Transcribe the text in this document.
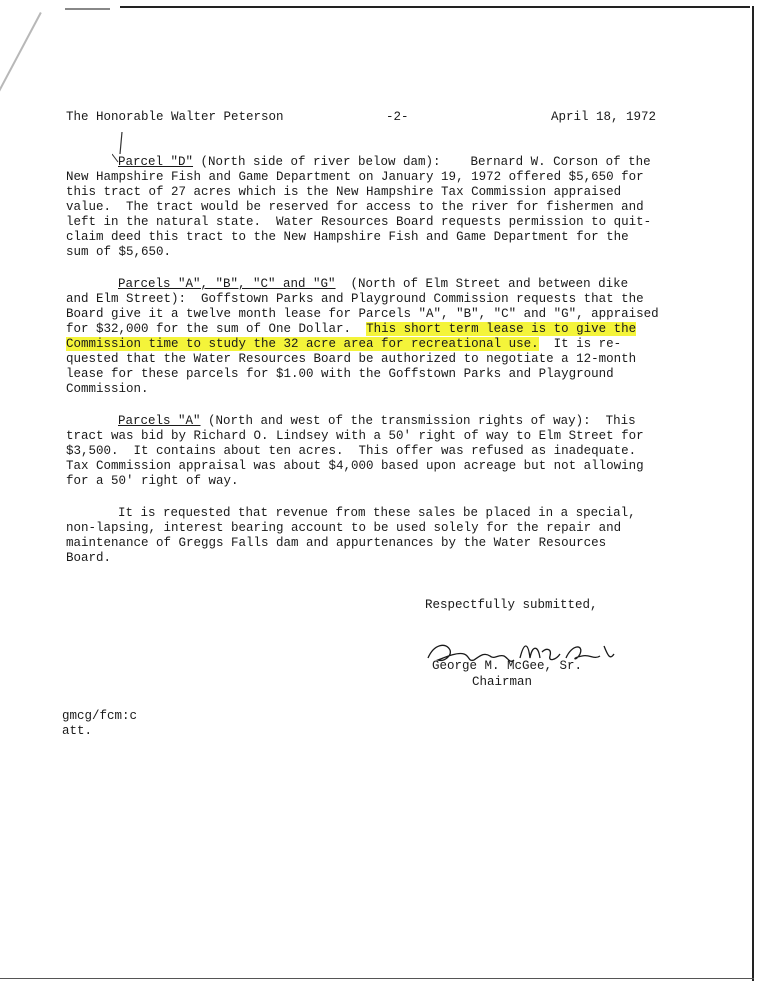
The Honorable Walter Peterson	-2-	April 18, 1972
Parcel "D" (North side of river below dam):    Bernard W. Corson of the
New Hampshire Fish and Game Department on January 19, 1972 offered $5,650 for
this tract of 27 acres which is the New Hampshire Tax Commission appraised
value.  The tract would be reserved for access to the river for fishermen and
left in the natural state.  Water Resources Board requests permission to quit-
claim deed this tract to the New Hampshire Fish and Game Department for the
sum of $5,650.
Parcels "A", "B", "C" and "G"  (North of Elm Street and between dike
and Elm Street):  Goffstown Parks and Playground Commission requests that the
Board give it a twelve month lease for Parcels "A", "B", "C" and "G", appraised
for $32,000 for the sum of One Dollar.  This short term lease is to give the
Commission time to study the 32 acre area for recreational use.  It is re-
quested that the Water Resources Board be authorized to negotiate a 12-month
lease for these parcels for $1.00 with the Goffstown Parks and Playground
Commission.
Parcels "A" (North and west of the transmission rights of way):  This
tract was bid by Richard O. Lindsey with a 50' right of way to Elm Street for
$3,500.  It contains about ten acres.  This offer was refused as inadequate.
Tax Commission appraisal was about $4,000 based upon acreage but not allowing
for a 50' right of way.
It is requested that revenue from these sales be placed in a special,
non-lapsing, interest bearing account to be used solely for the repair and
maintenance of Greggs Falls dam and appurtenances by the Water Resources
Board.
Respectfully submitted,
George M. McGee, Sr.
Chairman
gmcg/fcm:c
att.
